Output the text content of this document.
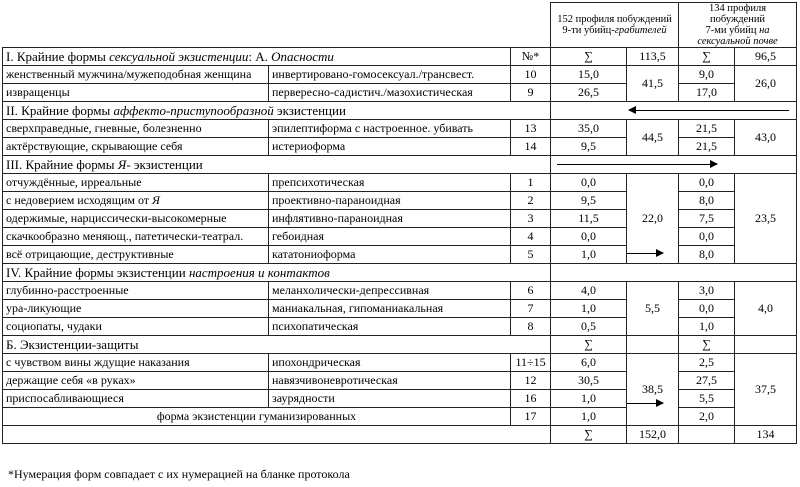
			152 профиля побуждений
9-ти убийц-грабителей		134 профиля побуждений
7-ми убийц на сексуальной почве	
I. Крайние формы сексуальной экзистенции: А. Опасности		№*	∑	113,5	∑	96,5
женственный мужчина/мужеподобная женщина	инвертировано-гомосексуал./трансвест.	10	15,0	41,5	9,0	26,0
извращенцы	первересно-садистич./мазохистическая	9	26,5		17,0	
II. Крайние формы аффекто-приступообразной экзистенции						

сверхправедные, гневные, болезненно	эпилептиформа с настроенное. убивать	13	35,0	44,5	21,5	43,0
актёрствующие, скрывающие себя	истериоформа	14	9,5		21,5	
III. Крайние формы Я- экзистенции						

отчуждённые, ирреальные	препсихотическая	1	0,0	22,0	0,0	23,5
с недоверием исходящим от Я	проективно-параноидная	2	9,5		8,0	
одержимые, нарциссически-высокомерные	инфлятивно-параноидная	3	11,5		7,5	
скачкообразно меняющ., патетически-театрал.	гебоидная	4	0,0		0,0	
всё отрицающие, деструктивные	кататониоформа	5	1,0		8,0	
IV. Крайние формы экзистенции настроения и контактов						
глубинно-расстроенные	меланхолически-депрессивная	6	4,0	5,5	3,0	4,0
ура-ликующие	маниакальная, гипоманиакальная	7	1,0		0,0	
социопаты, чудаки	психопатическая	8	0,5		1,0	
Б. Экзистенции-защиты			∑		∑	
с чувством вины ждущие наказания	ипохондрическая	11÷15	6,0	38,5	2,5	37,5
держащие себя «в руках»	навязчивоневротическая	12	30,5		27,5	
приспосабливающиеся	заурядности	16	1,0		5,5	
форма экзистенции гуманизированных		17	1,0		2,0	
			∑	152,0		134
*Нумерация форм совпадает с их нумерацией на бланке протокола
